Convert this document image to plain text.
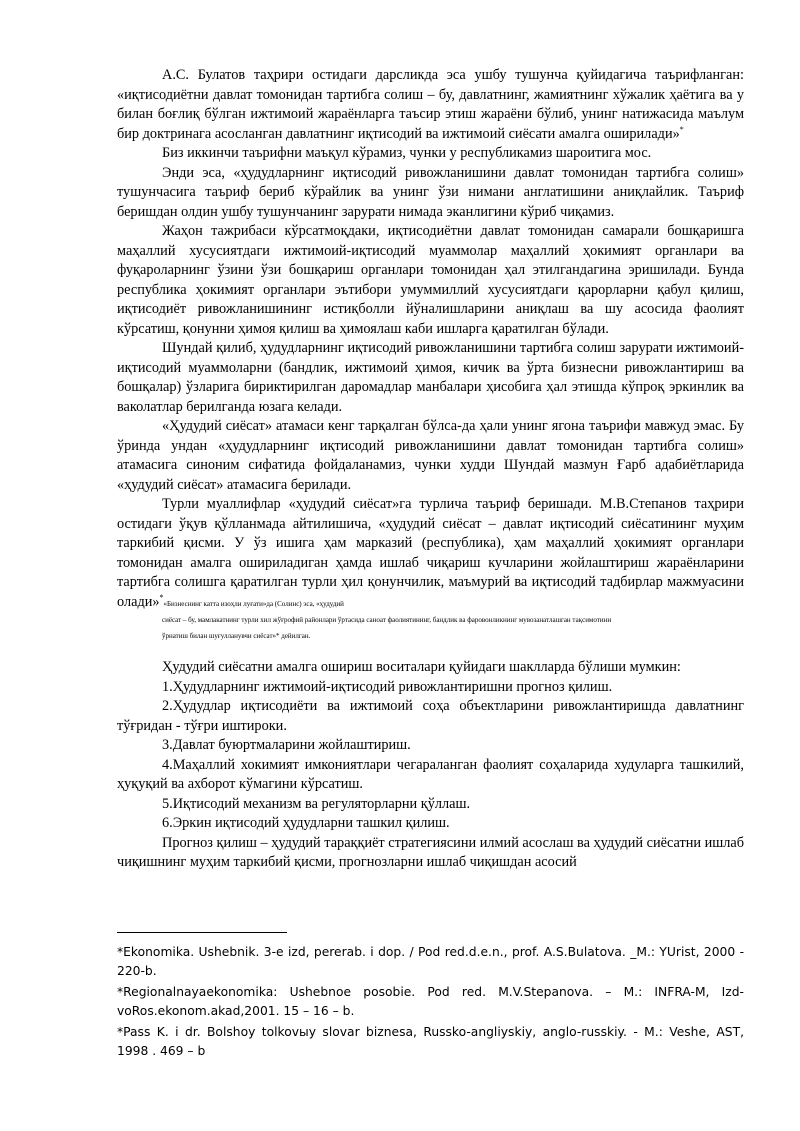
А.С. Булатов таҳрири остидаги дарсликда эса ушбу тушунча қуйидагича таърифланган: «иқтисодиётни давлат томонидан тартибга солиш – бу, давлатнинг, жамиятнинг хўжалик ҳаётига ва у билан боғлиқ бўлган ижтимоий жараёнларга таъсир этиш жараёни бўлиб, унинг натижасида маълум бир доктринага асосланган давлатнинг иқтисодий ва ижтимоий сиёсати амалга оширилади»*

Биз иккинчи таърифни маъқул кўрамиз, чунки у республикамиз шароитига мос.

Энди эса, «ҳудудларнинг иқтисодий ривожланишини давлат томонидан тартибга солиш» тушунчасига таъриф бериб кўрайлик ва унинг ўзи нимани англатишини аниқлайлик. Таъриф беришдан олдин ушбу тушунчанинг зарурати нимада эканлигини кўриб чиқамиз.

Жаҳон тажрибаси кўрсатмоқдаки, иқтисодиётни давлат томонидан самарали бошқаришга маҳаллий хусусиятдаги ижтимоий-иқтисодий муаммолар маҳаллий ҳокимият органлари ва фуқароларнинг ўзини ўзи бошқариш органлари томонидан ҳал этилгандагина эришилади. Бунда республика ҳокимият органлари эътибори умуммиллий хусусиятдаги қарорларни қабул қилиш, иқтисодиёт ривожланишининг истиқболли йўналишларини аниқлаш ва шу асосида фаолият кўрсатиш, қонунни ҳимоя қилиш ва ҳимоялаш каби ишларга қаратилган бўлади.

Шундай қилиб, ҳудудларнинг иқтисодий ривожланишини тартибга солиш зарурати ижтимоий-иқтисодий муаммоларни (бандлик, ижтимоий ҳимоя, кичик ва ўрта бизнесни ривожлантириш ва бошқалар) ўзларига бириктирилган даромадлар манбалари ҳисобига ҳал этишда кўпроқ эркинлик ва ваколатлар берилганда юзага келади.

«Ҳудудий сиёсат» атамаси кенг тарқалган бўлса-да ҳали унинг ягона таърифи мавжуд эмас. Бу ўринда ундан «ҳудудларнинг иқтисодий ривожланишини давлат томонидан тартибга солиш» атамасига синоним сифатида фойдаланамиз, чунки худди Шундай мазмун Ғарб адабиётларида «ҳудудий сиёсат» атамасига берилади.

Турли муаллифлар «ҳудудий сиёсат»га турлича таъриф беришади. М.В.Степанов таҳрири остидаги ўқув қўлланмада айтилишича, «ҳудудий сиёсат – давлат иқтисодий сиёсатининг муҳим таркибий қисми. У ўз ишига ҳам марказий (республика), ҳам маҳаллий ҳокимият органлари томонидан амалга ошириладиган ҳамда ишлаб чиқариш кучларини жойлаштириш жараёнларини тартибга солишга қаратилган турли ҳил қонунчилик, маъмурий ва иқтисодий тадбирлар мажмуасини олади»*«Бизнеснинг катта изоҳли луғати»да (Солинс) эса, «ҳудудий

сиёсат – бу, мамлакатнинг турли хил жўғрофий районлари ўртасида саноат фаолиятининг, бандлик ва фаровонликнинг мувозанатлашган тақсимотини

ўрнатиш билан шуғулланувчи сиёсат»* дейилган.

Ҳудудий сиёсатни амалга ошириш воситалари қуйидаги шаклларда бўлиши мумкин:

1.Ҳудудларнинг ижтимоий-иқтисодий ривожлантиришни прогноз қилиш.

2.Ҳудудлар иқтисодиёти ва ижтимоий соҳа объектларини ривожлантиришда давлатнинг тўғридан - тўғри иштироки.

3.Давлат буюртмаларини жойлаштириш.

4.Маҳаллий хокимият имкониятлари чегараланган фаолият соҳаларида худуларга ташкилий, ҳуқуқий ва ахборот кўмагини кўрсатиш.

5.Иқтисодий механизм ва регуляторларни қўллаш.

6.Эркин иқтисодий ҳудудларни ташкил қилиш.

Прогноз қилиш – ҳудудий тараққиёт стратегиясини илмий асослаш ва ҳудудий сиёсатни ишлаб чиқишнинг муҳим таркибий қисми, прогнозларни ишлаб чиқишдан асосий

*Ekonomika. Ushebnik. 3-e izd, pererab. i dop. / Pod red.d.e.n., prof. A.S.Bulatova. _M.: YUrist, 2000 - 220-b.

*Regionalnayaekonomika: Ushebnoe posobie. Pod red. M.V.Stepanova. – M.: INFRA-M, Izd-voRos.ekonom.akad,2001. 15 – 16 – b.

*Pass K. i dr. Bolshoy tolkovыy slovar biznesa, Russko-angliyskiy, anglo-russkiy. - M.: Veshe, AST, 1998 . 469 – b
